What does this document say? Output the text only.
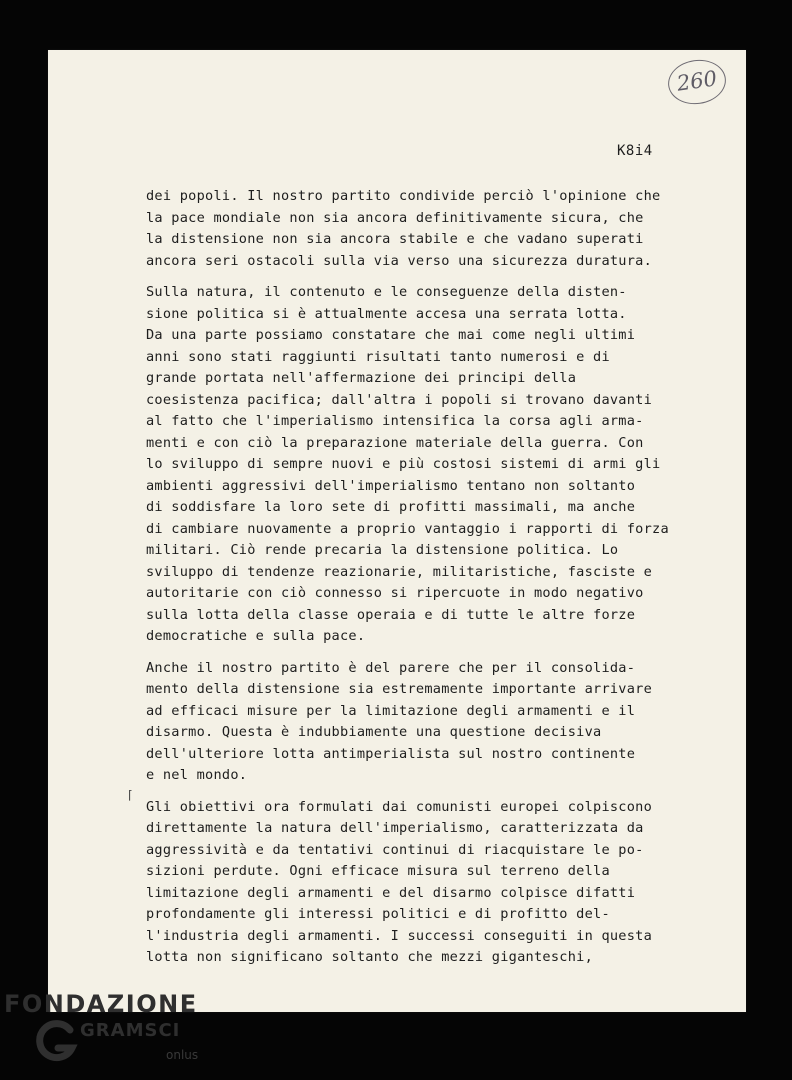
260
K8i4
dei popoli. Il nostro partito condivide perciò l'opinione che
la pace mondiale non sia ancora definitivamente sicura, che
la distensione non sia ancora stabile e che vadano superati
ancora seri ostacoli sulla via verso una sicurezza duratura.
Sulla natura, il contenuto e le conseguenze della disten-
sione politica si è attualmente accesa una serrata lotta.
Da una parte possiamo constatare che mai come negli ultimi
anni sono stati raggiunti risultati tanto numerosi e di
grande portata nell'affermazione dei principi della
coesistenza pacifica; dall'altra i popoli si trovano davanti
al fatto che l'imperialismo intensifica la corsa agli arma-
menti e con ciò la preparazione materiale della guerra. Con
lo sviluppo di sempre nuovi e più costosi sistemi di armi gli
ambienti aggressivi dell'imperialismo tentano non soltanto
di soddisfare la loro sete di profitti massimali, ma anche
di cambiare nuovamente a proprio vantaggio i rapporti di forza
militari. Ciò rende precaria la distensione politica. Lo
sviluppo di tendenze reazionarie, militaristiche, fasciste e
autoritarie con ciò connesso si ripercuote in modo negativo
sulla lotta della classe operaia e di tutte le altre forze
democratiche e sulla pace.
Anche il nostro partito è del parere che per il consolida-
mento della distensione sia estremamente importante arrivare
ad efficaci misure per la limitazione degli armamenti e il
disarmo. Questa è indubbiamente una questione decisiva
dell'ulteriore lotta antimperialista sul nostro continente
e nel mondo.
Gli obiettivi ora formulati dai comunisti europei colpiscono
direttamente la natura dell'imperialismo, caratterizzata da
aggressività e da tentativi continui di riacquistare le po-
sizioni perdute. Ogni efficace misura sul terreno della
limitazione degli armamenti e del disarmo colpisce difatti
profondamente gli interessi politici e di profitto del-
l'industria degli armamenti. I successi conseguiti in questa
lotta non significano soltanto che mezzi giganteschi,
⌈
FONDAZIONE
GRAMSCI
onlus
